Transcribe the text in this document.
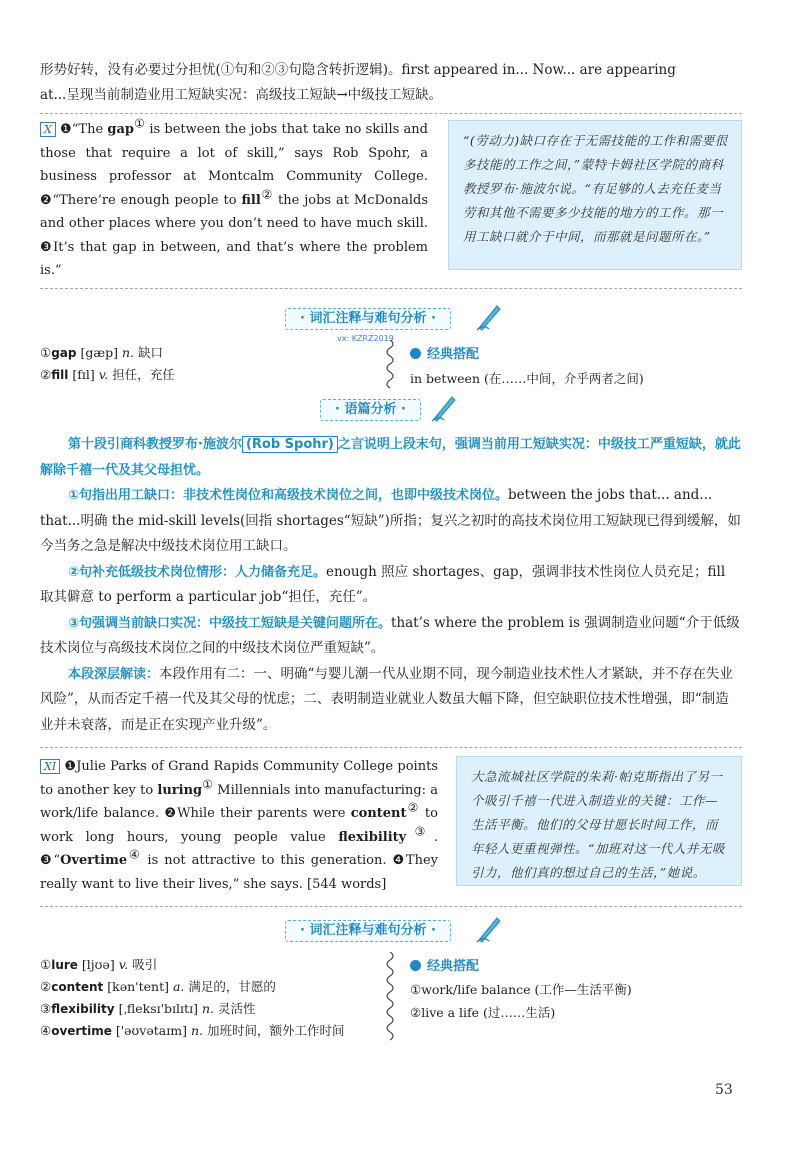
形势好转，没有必要过分担忧(①句和②③句隐含转折逻辑)。first appeared in... Now... are appearing
at...呈现当前制造业用工短缺实况：高级技工短缺→中级技工短缺。
X ❶“The gap① is between the jobs that take no skills and those that require a lot of skill,” says Rob Spohr, a business professor at Montcalm Community College. ❷“There’re enough people to fill② the jobs at McDonalds and other places where you don’t need to have much skill. ❸It’s that gap in between, and that’s where the problem is.”
“(劳动力)缺口存在于无需技能的工作和需要很多技能的工作之间，”蒙特卡姆社区学院的商科教授罗布·施波尔说。“有足够的人去充任麦当劳和其他不需要多少技能的地方的工作。那一用工缺口就介于中间，而那就是问题所在。”
· 词汇注释与难句分析 ·
vx: KZRZ2019
①gap [gæp] n. 缺口
②fill [fɪl] v. 担任，充任
经典搭配
in between (在……中间，介乎两者之间)
· 语篇分析 ·

第十段引商科教授罗布·施波尔 (Rob Spohr) 之言说明上段末句，强调当前用工短缺实况：中级技工严重短缺，就此解除千禧一代及其父母担忧。

①句指出用工缺口：非技术性岗位和高级技术岗位之间，也即中级技术岗位。between the jobs that... and... that...明确 the mid-skill levels(回指 shortages“短缺”)所指；复兴之初时的高技术岗位用工短缺现已得到缓解，如今当务之急是解决中级技术岗位用工缺口。

②句补充低级技术岗位情形：人力储备充足。enough 照应 shortages、gap，强调非技术性岗位人员充足；fill 取其僻意 to perform a particular job“担任，充任”。

③句强调当前缺口实况：中级技工短缺是关键问题所在。that’s where the problem is 强调制造业问题“介于低级技术岗位与高级技术岗位之间的中级技术岗位严重短缺”。

本段深层解读：本段作用有二：一、明确“与婴儿潮一代从业期不同，现今制造业技术性人才紧缺，并不存在失业风险”，从而否定千禧一代及其父母的忧虑；二、表明制造业就业人数虽大幅下降，但空缺职位技术性增强，即“制造业并未衰落，而是正在实现产业升级”。

XI ❶Julie Parks of Grand Rapids Community College points to another key to luring① Millennials into manufacturing: a work/life balance. ❷While their parents were content② to work long hours, young people value flexibility③. ❸“Overtime④ is not attractive to this generation. ❹They really want to live their lives,” she says. [544 words]
大急流城社区学院的朱莉·帕克斯指出了另一个吸引千禧一代进入制造业的关键：工作—生活平衡。他们的父母甘愿长时间工作，而年轻人更重视弹性。“加班对这一代人并无吸引力，他们真的想过自己的生活，”她说。
· 词汇注释与难句分析 ·
①lure [ljʊə] v. 吸引
②content [kən'tent] a. 满足的，甘愿的
③flexibility [ˌfleksɪ'bɪlɪtɪ] n. 灵活性
④overtime ['əʊvətaɪm] n. 加班时间，额外工作时间
经典搭配
①work/life balance (工作—生活平衡)
②live a life (过……生活)
53
